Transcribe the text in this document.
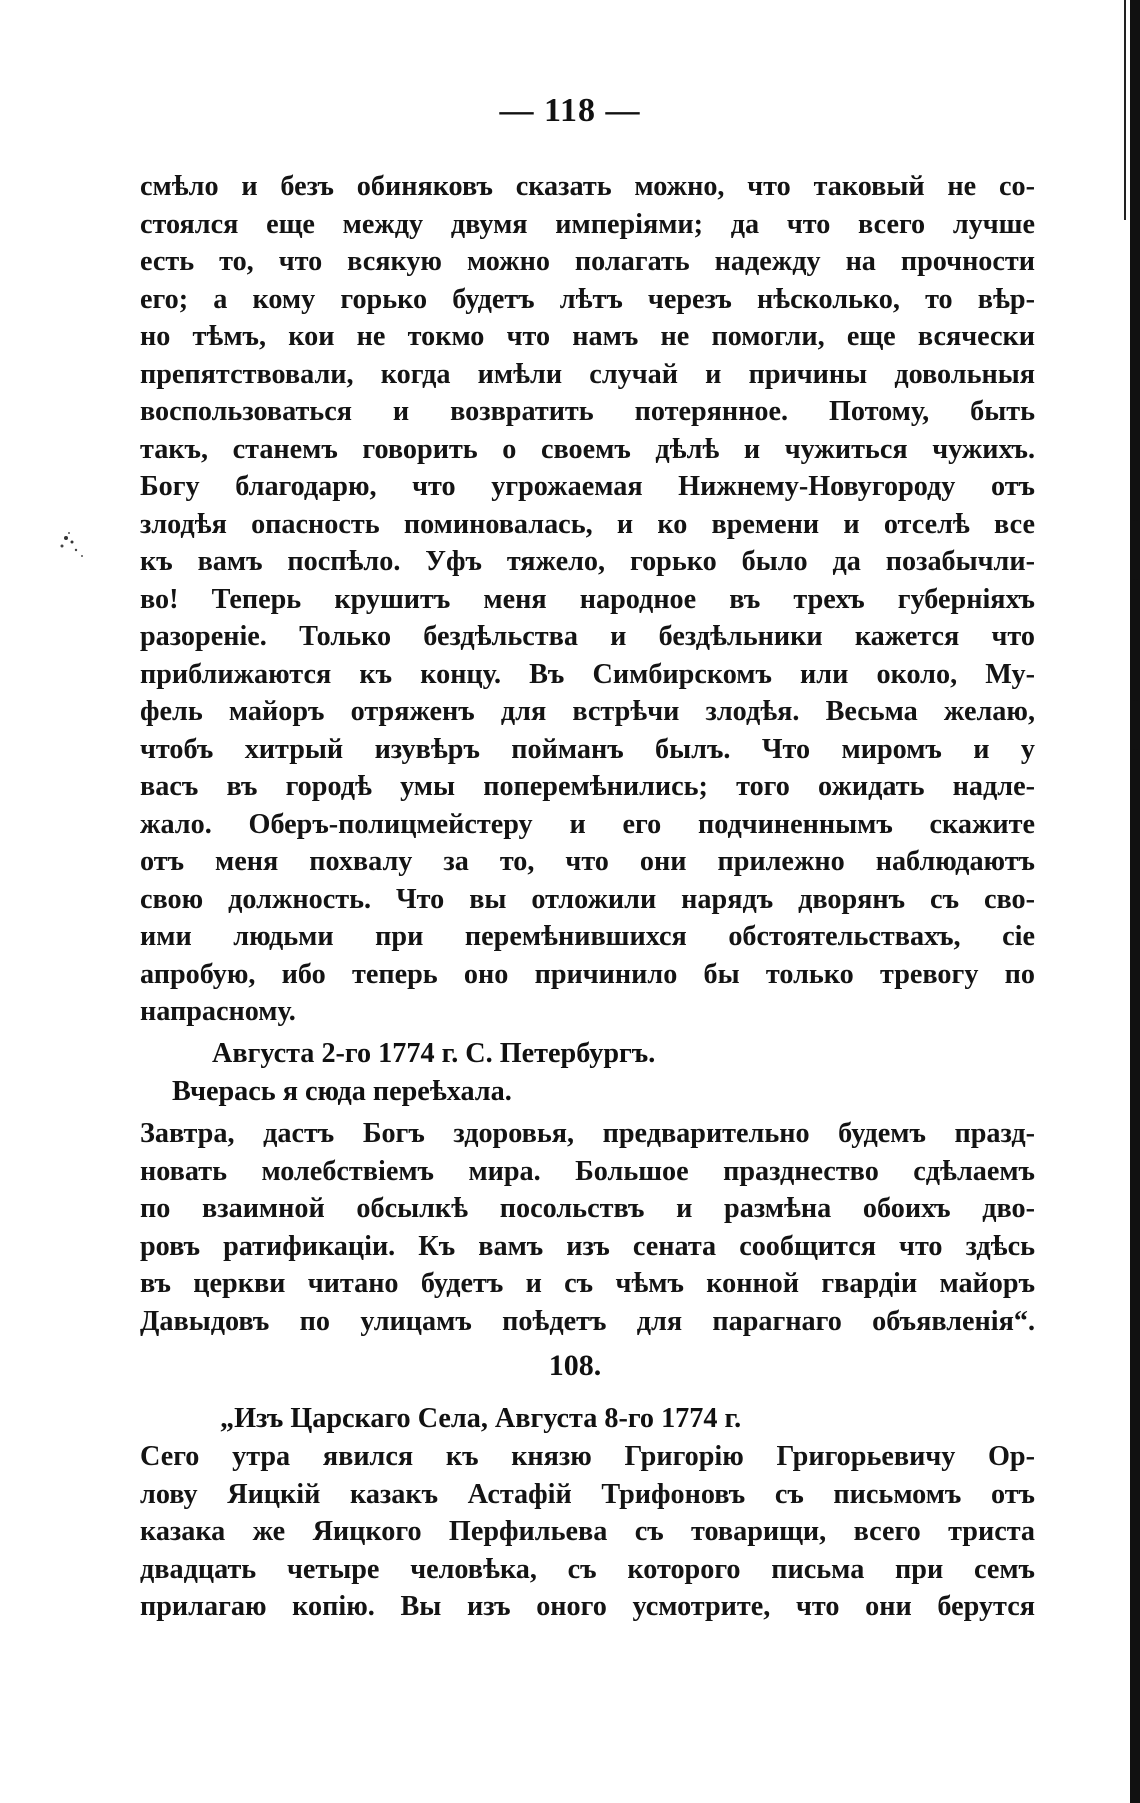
— 118 —
смѣло и безъ обиняковъ сказать можно, что таковый не со-
стоялся еще между двумя имперiями; да что всего лучше
есть то, что всякую можно полагать надежду на прочности
его; а кому горько будетъ лѣтъ черезъ нѣсколько, то вѣр-
но тѣмъ, кои не токмо что намъ не помогли, еще всячески
препятствовали, когда имѣли случай и причины довольныя
воспользоваться и возвратить потерянное. Потому, быть
такъ, станемъ говорить о своемъ дѣлѣ и чужиться чужихъ.
Богу благодарю, что угрожаемая Нижнему-Новугороду отъ
злодѣя опасность поминовалась, и ко времени и отселѣ все
къ вамъ поспѣло. Уфъ тяжело, горько было да позабычли-
во! Теперь крушитъ меня народное въ трехъ губернiяхъ
разоренiе. Только бездѣльства и бездѣльники кажется что
приближаются къ концу. Въ Симбирскомъ или около, Му-
фель майоръ отряженъ для встрѣчи злодѣя. Весьма желаю,
чтобъ хитрый изувѣръ пойманъ былъ. Что миромъ и у
васъ въ городѣ умы поперемѣнились; того ожидать надле-
жало. Оберъ-полицмейстеру и его подчиненнымъ скажите
отъ меня похвалу за то, что они прилежно наблюдаютъ
свою должность. Что вы отложили нарядъ дворянъ съ сво-
ими людьми при перемѣнившихся обстоятельствахъ, сiе
апробую, ибо теперь оно причинило бы только тревогу по
напрасному.
Августа 2-го 1774 г. С. Петербургъ.
Вчерась я сюда переѣхала.
Завтра, дастъ Богъ здоровья, предварительно будемъ празд-
новать молебствiемъ мира. Большое празднество сдѣлаемъ
по взаимной обсылкѣ посольствъ и размѣна обоихъ дво-
ровъ ратификацiи. Къ вамъ изъ сената сообщится что здѣсь
въ церкви читано будетъ и съ чѣмъ конной гвардiи майоръ
Давыдовъ по улицамъ поѣдетъ для парагнаго объявленiя“.
108.
„Изъ Царскаго Села, Августа 8-го 1774 г.
Сего утра явился къ князю Григорiю Григорьевичу Ор-
лову Яицкiй казакъ Астафiй Трифоновъ съ письмомъ отъ
казака же Яицкого Перфильева съ товарищи, всего триста
двадцать четыре человѣка, съ которого письма при семъ
прилагаю копiю. Вы изъ оного усмотрите, что они берутся
